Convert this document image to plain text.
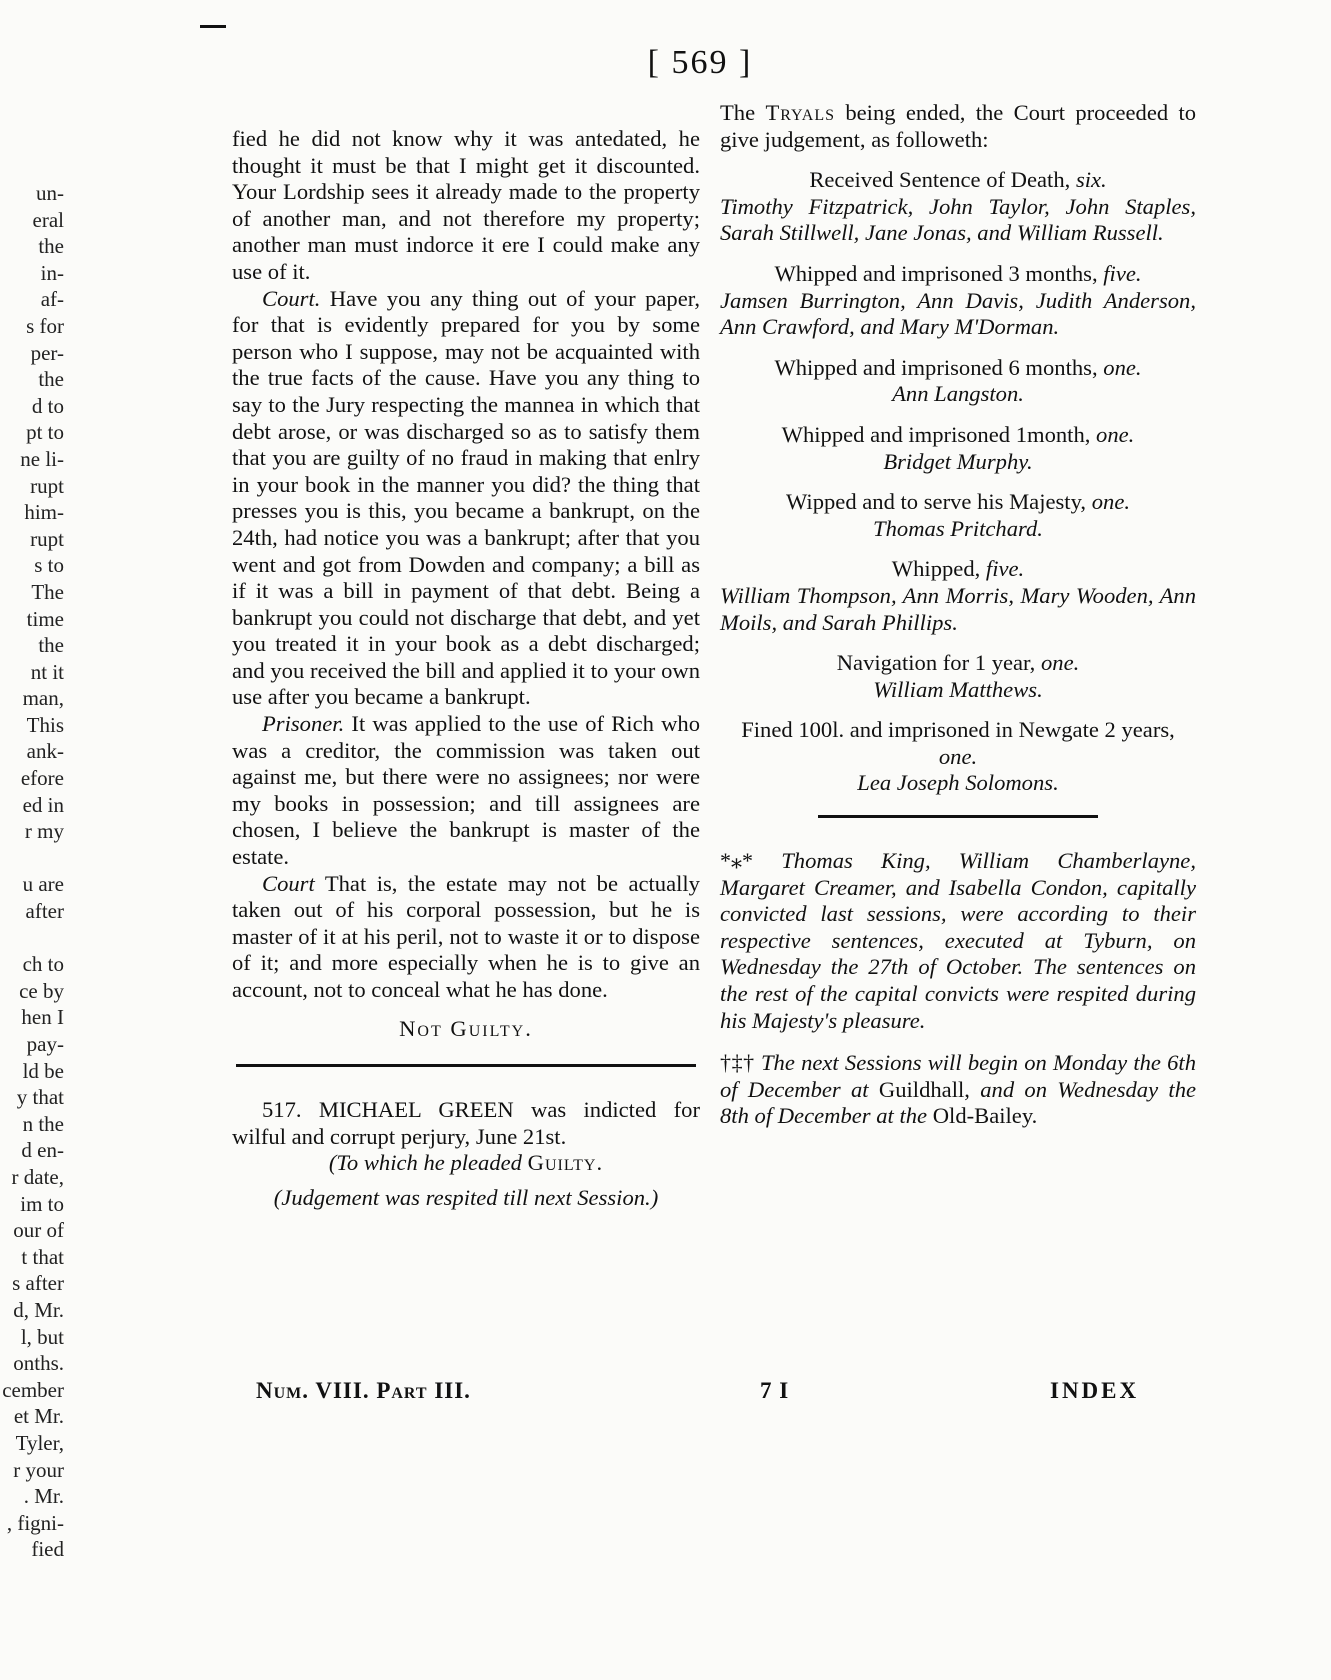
[ 569 ]
un-
eral
the
in-
af-
s for
per-
the
d to
pt to
ne li-
rupt
him-
rupt
s to
The
time
the
nt it
man,
This
ank-
efore
ed in
r my

u are
after

ch to
ce by
hen I
pay-
ld be
y that
n the
d en-
r date,
im to
our of
t that
s after
d, Mr.
l, but
onths.
cember
et Mr.
Tyler,
r your
. Mr.
, figni-
fied

fied he did not know why it was antedated, he thought it must be that I might get it discounted. Your Lordship sees it already made to the property of another man, and not therefore my property; another man must indorce it ere I could make any use of it.

Court. Have you any thing out of your paper, for that is evidently prepared for you by some person who I suppose, may not be acquainted with the true facts of the cause. Have you any thing to say to the Jury respecting the mannea in which that debt arose, or was discharged so as to satisfy them that you are guilty of no fraud in making that enlry in your book in the manner you did? the thing that presses you is this, you became a bankrupt, on the 24th, had notice you was a bankrupt; after that you went and got from Dowden and company; a bill as if it was a bill in payment of that debt. Being a bankrupt you could not discharge that debt, and yet you treated it in your book as a debt discharged; and you received the bill and applied it to your own use after you became a bankrupt.

Prisoner. It was applied to the use of Rich who was a creditor, the commission was taken out against me, but there were no assignees; nor were my books in possession; and till assignees are chosen, I believe the bankrupt is master of the estate.

Court That is, the estate may not be actually taken out of his corporal possession, but he is master of it at his peril, not to waste it or to dispose of it; and more especially when he is to give an account, not to conceal what he has done.

Not Guilty.

517. MICHAEL GREEN was indicted for wilful and corrupt perjury, June 21st.

(To which he pleaded Guilty.

(Judgement was respited till next Session.)

The Tryals being ended, the Court proceeded to give judgement, as followeth:

Received Sentence of Death, six.

Timothy Fitzpatrick, John Taylor, John Staples, Sarah Stillwell, Jane Jonas, and William Russell.

Whipped and imprisoned 3 months, five.

Jamsen Burrington, Ann Davis, Judith Anderson, Ann Crawford, and Mary M'Dorman.

Whipped and imprisoned 6 months, one.

Ann Langston.

Whipped and imprisoned 1month, one.

Bridget Murphy.

Wipped and to serve his Majesty, one.

Thomas Pritchard.

Whipped, five.

William Thompson, Ann Morris, Mary Wooden, Ann Moils, and Sarah Phillips.

Navigation for 1 year, one.

William Matthews.

Fined 100l. and imprisoned in Newgate 2 years, one.

Lea Joseph Solomons.

*⁎* Thomas King, William Chamberlayne, Margaret Creamer, and Isabella Condon, capitally convicted last sessions, were according to their respective sentences, executed at Tyburn, on Wednesday the 27th of October. The sentences on the rest of the capital convicts were respited during his Majesty's pleasure.

†‡† The next Sessions will begin on Monday the 6th of December at Guildhall, and on Wednesday the 8th of December at the Old-Bailey.

Num. VIII. Part III.	7 I	INDEX
